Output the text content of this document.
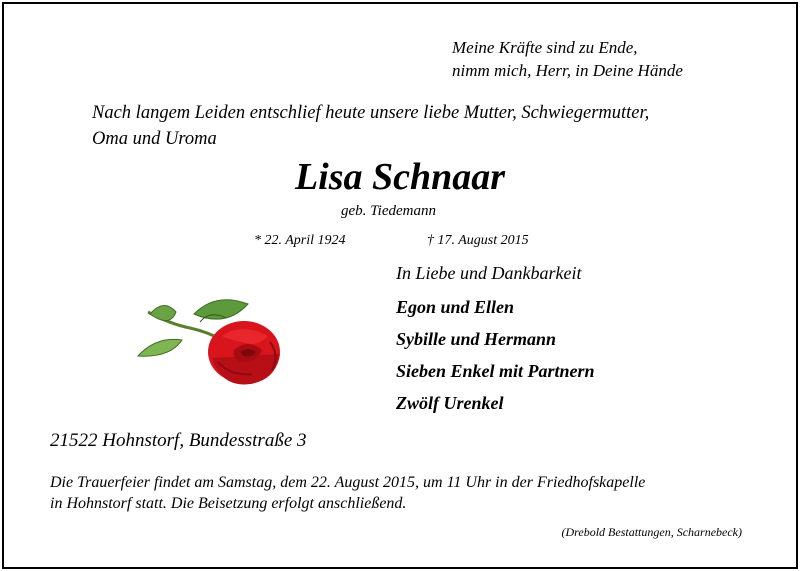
Meine Kräfte sind zu Ende,
nimm mich, Herr, in Deine Hände
Nach langem Leiden entschlief heute unsere liebe Mutter, Schwiegermutter,
Oma und Uroma
Lisa Schnaar
geb. Tiedemann
* 22. April 1924	† 17. August 2015
In Liebe und Dankbarkeit
Egon und Ellen
Sybille und Hermann
Sieben Enkel mit Partnern
Zwölf Urenkel
21522 Hohnstorf, Bundesstraße 3
Die Trauerfeier findet am Samstag, dem 22. August 2015, um 11 Uhr in der Friedhofskapelle
in Hohnstorf statt. Die Beisetzung erfolgt anschließend.
(Drebold Bestattungen, Scharnebeck)
